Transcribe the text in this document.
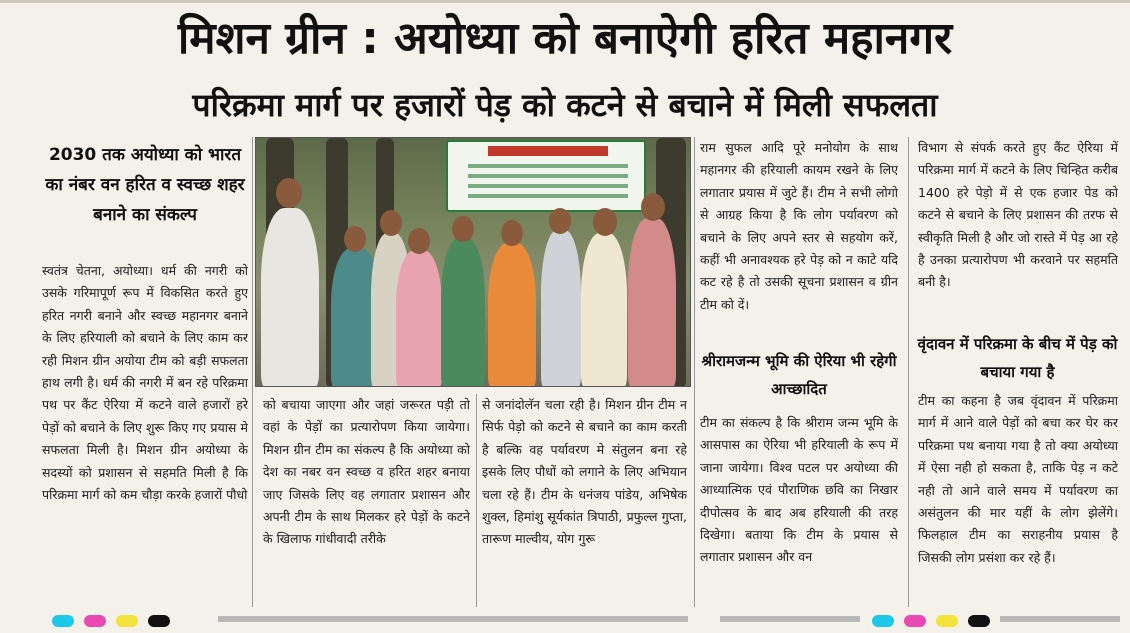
मिशन ग्रीन : अयोध्या को बनाऐगी हरित महानगर
परिक्रमा मार्ग पर हजारों पेड़ को कटने से बचाने में मिली सफलता
2030 तक अयोध्या को भारत का नंबर वन हरित व स्वच्छ शहर बनाने का संकल्प

स्वतंत्र चेतना, अयोध्या। धर्म की नगरी को उसके गरिमापूर्ण रूप में विकसित करते हुए हरित नगरी बनाने और स्वच्छ महानगर बनाने के लिए हरियाली को बचाने के लिए काम कर रही मिशन ग्रीन अयोया टीम को बड़ी सफलता हाथ लगी है। धर्म की नगरी में बन रहे परिक्रमा पथ पर कैंट ऐरिया में कटने वाले हजारों हरे पेड़ों को बचाने के लिए शुरू किए गए प्रयास मे सफलता मिली है। मिशन ग्रीन अयोध्या के सदस्यों को प्रशासन से सहमति मिली है कि परिक्रमा मार्ग को कम चौड़ा करके हजारों पौधो

को बचाया जाएगा और जहां जरूरत पड़ी तो वहां के पेड़ों का प्रत्यारोपण किया जायेगा। मिशन ग्रीन टीम का संकल्प है कि अयोध्या को देश का नबर वन स्वच्छ व हरित शहर बनाया जाए जिसके लिए वह लगातार प्रशासन और अपनी टीम के साथ मिलकर हरे पेड़ों के कटने के खिलाफ गांधीवादी तरीके

से जनांदोलॅन चला रही है। मिशन ग्रीन टीम न सिर्फ पेड़ो को कटने से बचाने का काम करती है बल्कि वह पर्यावरण मे संतुलन बना रहे इसके लिए पौधों को लगाने के लिए अभियान चला रहे हैं। टीम के धनंजय पांडेय, अभिषेक शुक्ल, हिमांशु सूर्यकांत त्रिपाठी, प्रफुल्ल गुप्ता, तारूण माल्वीय, योग गुरू

राम सुफल आदि पूरे मनोयोग के साथ महानगर की हरियाली कायम रखने के लिए लगातार प्रयास में जुटे हैं। टीम ने सभी लोगो से आग्रह किया है कि लोग पर्यावरण को बचाने के लिए अपने स्तर से सहयोग करें, कहीं भी अनावश्यक हरे पेड़ को न काटे यदि कट रहे है तो उसकी सूचना प्रशासन व ग्रीन टीम को दें।

श्रीरामजन्म भूमि की ऐरिया भी रहेगी आच्छादित

टीम का संकल्प है कि श्रीराम जन्म भूमि के आसपास का ऐरिया भी हरियाली के रूप में जाना जायेगा। विश्व पटल पर अयोध्या की आध्यात्मिक एवं पौराणिक छवि का निखार दीपोत्सव के बाद अब हरियाली की तरह दिखेगा। बताया कि टीम के प्रयास से लगातार प्रशासन और वन

विभाग से संपर्क करते हुए कैंट ऐरिया में परिक्रमा मार्ग में कटने के लिए चिन्हित करीब 1400 हरे पेड़ो में से एक हजार पेड को कटने से बचाने के लिए प्रशासन की तरफ से स्वीकृति मिली है और जो रास्ते में पेड़ आ रहे है उनका प्रत्यारोपण भी करवाने पर सहमति बनी है।

वृंदावन में परिक्रमा के बीच में पेड़ को बचाया गया है

टीम का कहना है जब वृंदावन में परिक्रमा मार्ग में आने वाले पेड़ों को बचा कर घेर कर परिक्रमा पथ बनाया गया है तो क्या अयोध्या में ऐसा नही हो सकता है, ताकि पेड़ न कटे नही तो आने वाले समय में पर्यावरण का असंतुलन की मार यहीं के लोग झेलेंगे। फिलहाल टीम का सराहनीय प्रयास है जिसकी लोग प्रसंशा कर रहे हैं।
